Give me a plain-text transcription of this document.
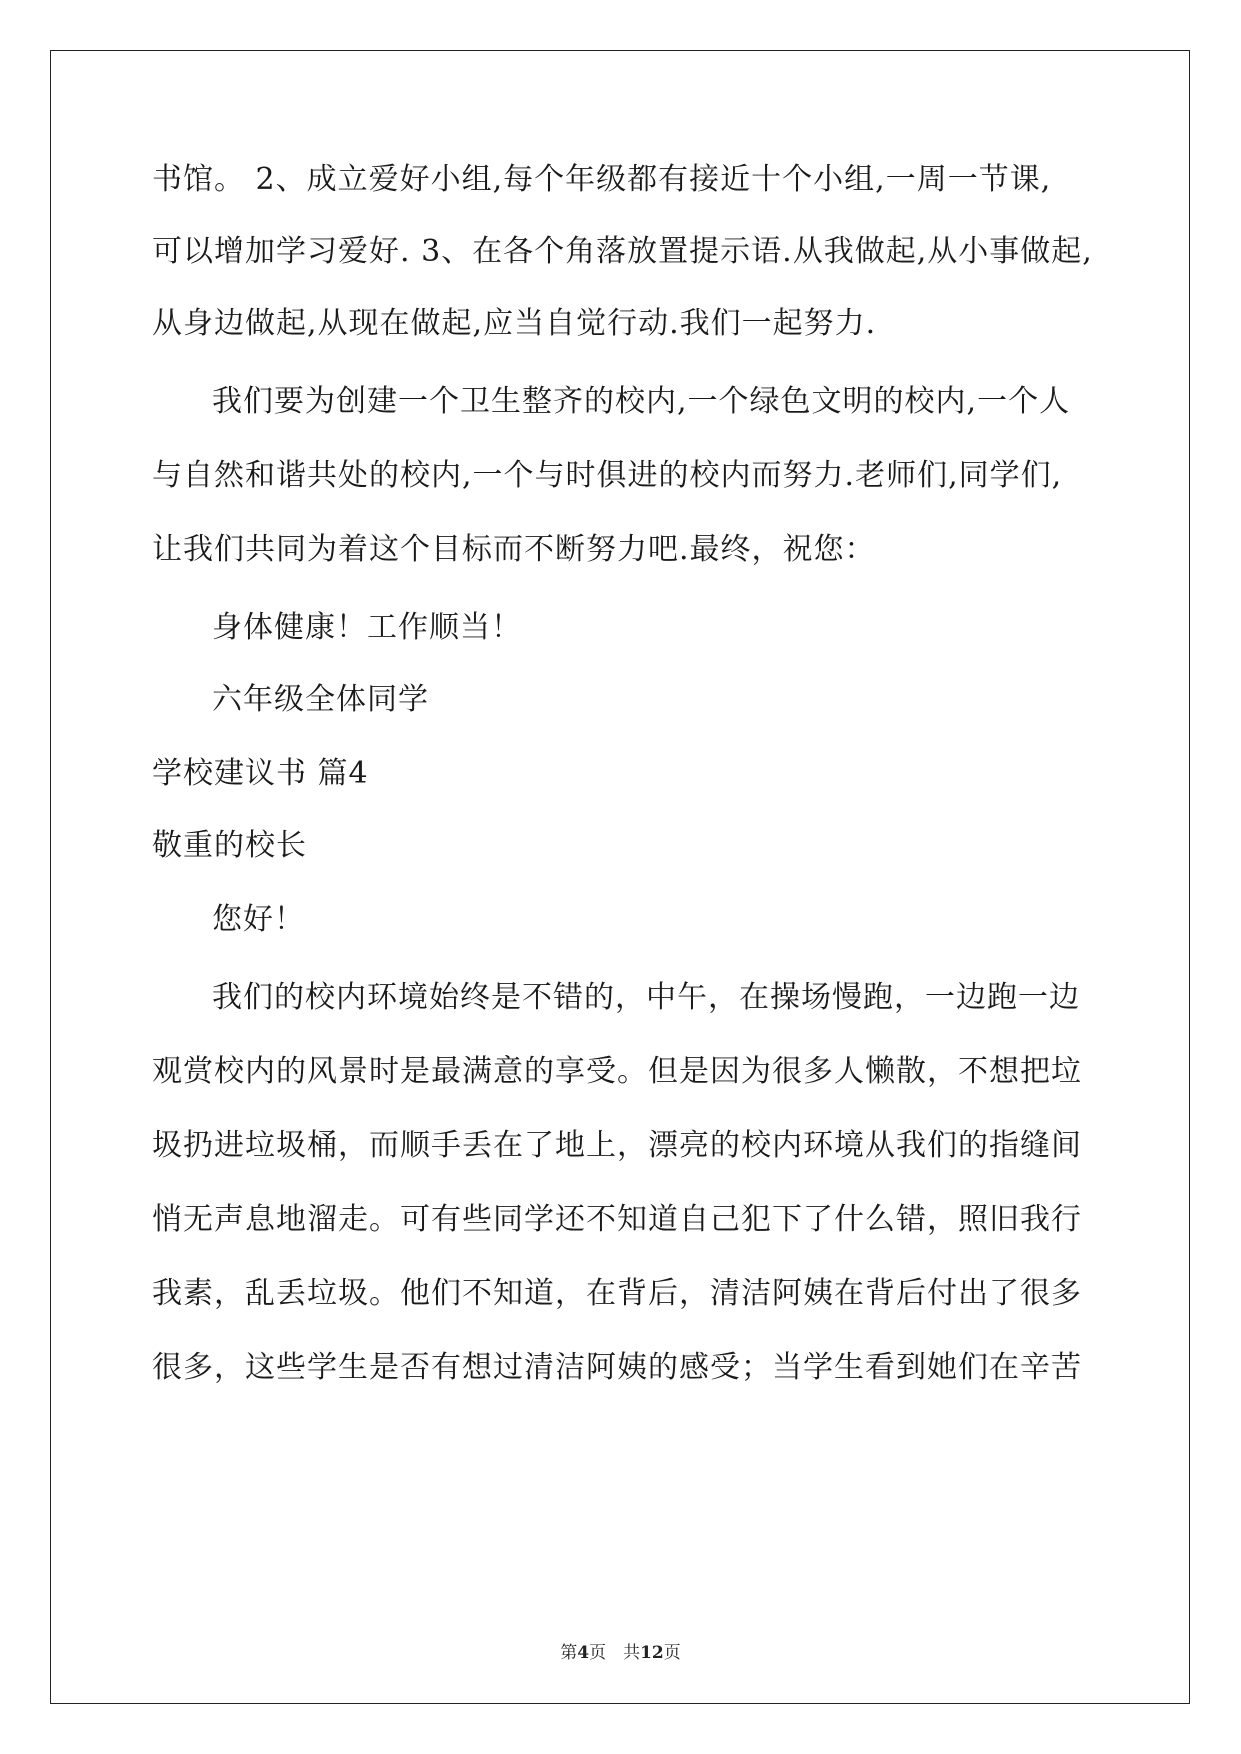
书馆。 2、成立爱好小组,每个年级都有接近十个小组,一周一节课,
可以增加学习爱好. 3、在各个角落放置提示语.从我做起,从小事做起,
从身边做起,从现在做起,应当自觉行动.我们一起努力.
我们要为创建一个卫生整齐的校内,一个绿色文明的校内,一个人
与自然和谐共处的校内,一个与时俱进的校内而努力.老师们,同学们,
让我们共同为着这个目标而不断努力吧.最终，祝您：
身体健康！工作顺当！
六年级全体同学
学校建议书 篇4
敬重的校长
您好！
我们的校内环境始终是不错的，中午，在操场慢跑，一边跑一边
观赏校内的风景时是最满意的享受。但是因为很多人懒散，不想把垃
圾扔进垃圾桶，而顺手丢在了地上，漂亮的校内环境从我们的指缝间
悄无声息地溜走。可有些同学还不知道自己犯下了什么错，照旧我行
我素，乱丢垃圾。他们不知道，在背后，清洁阿姨在背后付出了很多
很多，这些学生是否有想过清洁阿姨的感受；当学生看到她们在辛苦
第4页　共12页
